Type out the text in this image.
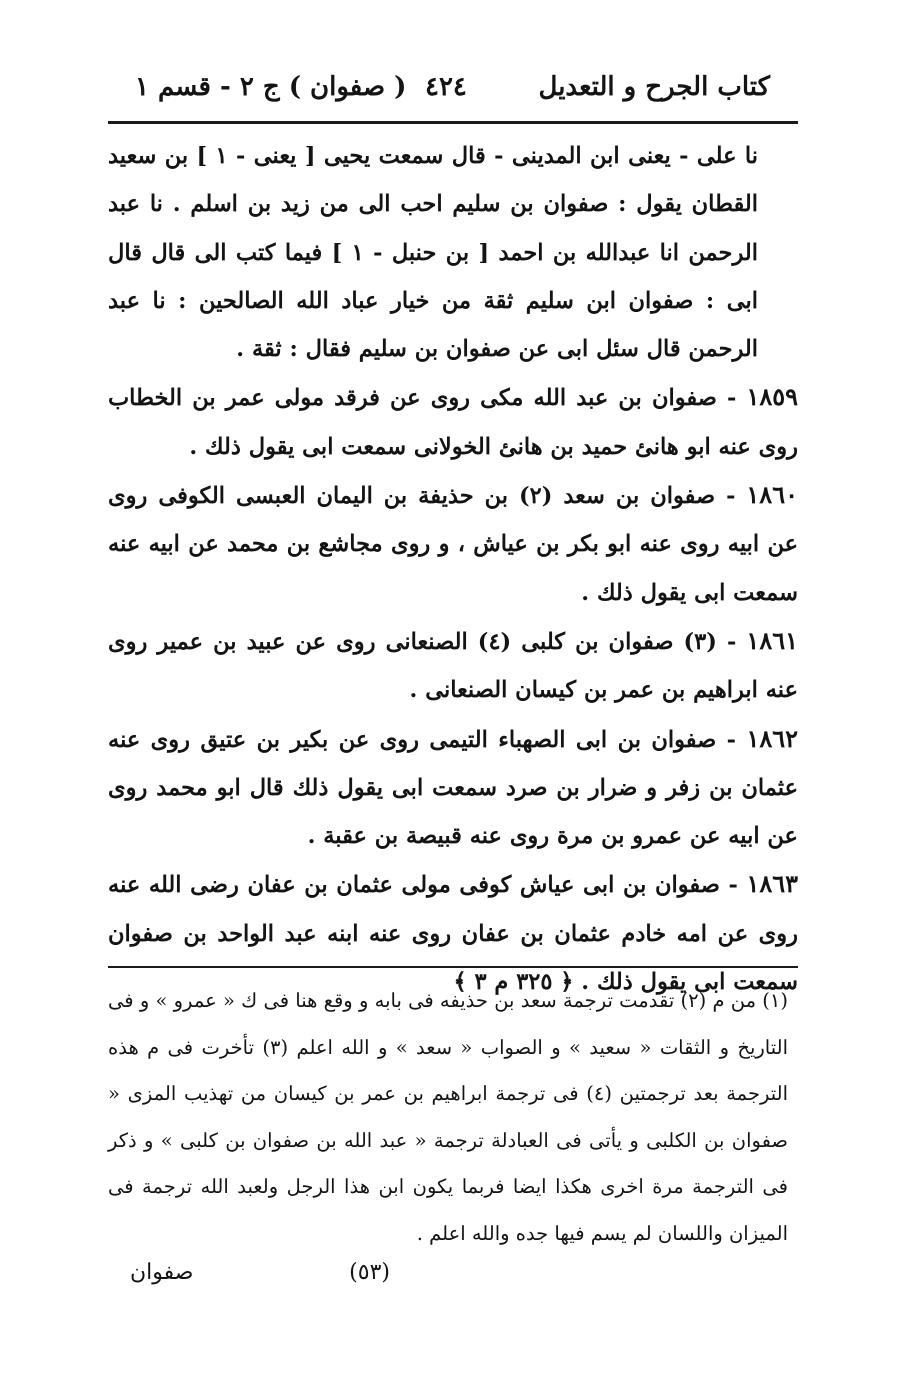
كتاب الجرح و التعديل
٤٢٤
( صفوان ) ج ٢ - قسم ١

نا على - يعنى ابن المدينى - قال سمعت يحيى [ يعنى - ١ ] بن سعيد القطان يقول : صفوان بن سليم احب الى من زيد بن اسلم . نا عبد الرحمن انا عبدالله بن احمد [ بن حنبل - ١ ] فيما كتب الى قال قال ابى : صفوان ابن سليم ثقة من خيار عباد الله الصالحين : نا عبد الرحمن قال سئل ابى عن صفوان بن سليم فقال : ثقة .

١٨٥٩ - صفوان بن عبد الله مكى روى عن فرقد مولى عمر بن الخطاب روى عنه ابو هانئ حميد بن هانئ الخولانى سمعت ابى يقول ذلك .

١٨٦٠ - صفوان بن سعد (٢) بن حذيفة بن اليمان العبسى الكوفى روى عن ابيه روى عنه ابو بكر بن عياش ، و روى مجاشع بن محمد عن ابيه عنه سمعت ابى يقول ذلك .

١٨٦١ - (٣) صفوان بن كلبى (٤) الصنعانى روى عن عبيد بن عمير روى عنه ابراهيم بن عمر بن كيسان الصنعانى .

١٨٦٢ - صفوان بن ابى الصهباء التيمى روى عن بكير بن عتيق روى عنه عثمان بن زفر و ضرار بن صرد سمعت ابى يقول ذلك قال ابو محمد روى عن ابيه عن عمرو بن مرة روى عنه قبيصة بن عقبة .

١٨٦٣ - صفوان بن ابى عياش كوفى مولى عثمان بن عفان رضى الله عنه روى عن امه خادم عثمان بن عفان روى عنه ابنه عبد الواحد بن صفوان سمعت ابى يقول ذلك . ﴿ ٣٢٥ م ٣ ﴾

(١) من م (٢) تقدمت ترجمة سعد بن حذيفه فى بابه و وقع هنا فى ك « عمرو » و فى التاريخ و الثقات « سعيد » و الصواب « سعد » و الله اعلم (٣) تأخرت فى م هذه الترجمة بعد ترجمتين (٤) فى ترجمة ابراهيم بن عمر بن كيسان من تهذيب المزى « صفوان بن الكلبى و يأتى فى العبادلة ترجمة « عبد الله بن صفوان بن كلبى » و ذكر فى الترجمة مرة اخرى هكذا ايضا فربما يكون ابن هذا الرجل ولعبد الله ترجمة فى الميزان واللسان لم يسم فيها جده والله اعلم .

(٥٣)
صفوان
